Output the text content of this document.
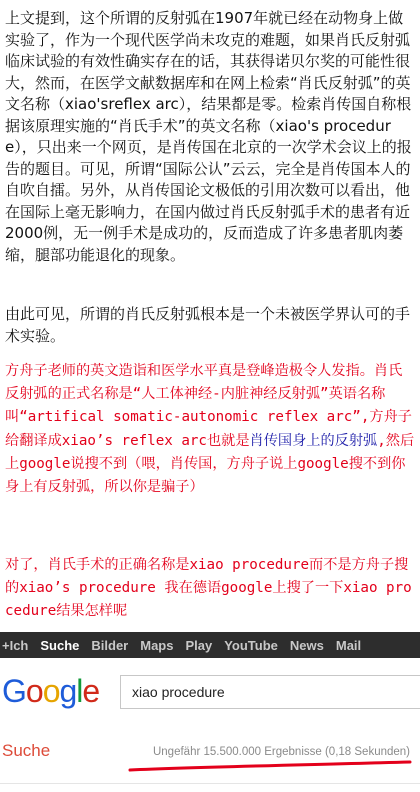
上文提到，这个所谓的反射弧在1907年就已经在动物身上做实验了，作为一个现代医学尚未攻克的难题，如果肖氏反射弧临床试验的有效性确实存在的话，其获得诺贝尔奖的可能性很大，然而，在医学文献数据库和在网上检索“肖氏反射弧”的英文名称（xiao'sreflex arc），结果都是零。检索肖传国自称根据该原理实施的“肖氏手术”的英文名称（xiao's procedure），只出来一个网页，是肖传国在北京的一次学术会议上的报告的题目。可见，所谓“国际公认”云云，完全是肖传国本人的自吹自擂。另外，从肖传国论文极低的引用次数可以看出，他在国际上毫无影响力，在国内做过肖氏反射弧手术的患者有近2000例，无一例手术是成功的，反而造成了许多患者肌肉萎缩，腿部功能退化的现象。

由此可见，所谓的肖氏反射弧根本是一个未被医学界认可的手术实验。

方舟子老师的英文造诣和医学水平真是登峰造极令人发指。肖氏反射弧的正式名称是“人工体神经-内脏神经反射弧”英语名称叫“artifical somatic-autonomic reflex arc”,方舟子给翻译成xiao’s reflex arc也就是肖传国身上的反射弧,然后上google说搜不到（喂，肖传国，方舟子说上google搜不到你身上有反射弧，所以你是骗子）

对了，肖氏手术的正确名称是xiao procedure而不是方舟子搜的xiao’s procedure 我在德语google上搜了一下xiao procedure结果怎样呢

+Ich Suche Bilder Maps Play YouTube News Mail
Google xiao procedure
Suche	Ungefähr 15.500.000 Ergebnisse (0,18 Sekunden)
